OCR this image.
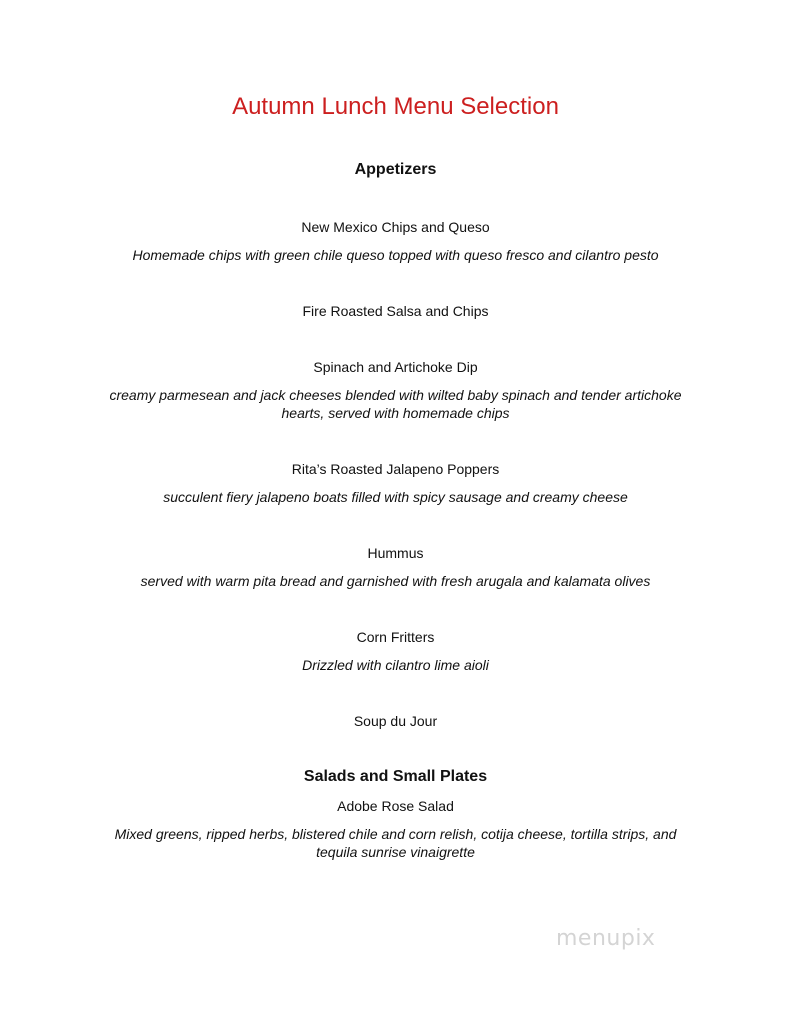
Autumn Lunch Menu Selection
Appetizers
New Mexico Chips and Queso
Homemade chips with green chile queso topped with queso fresco and cilantro pesto
Fire Roasted Salsa and Chips
Spinach and Artichoke Dip
creamy parmesean and jack cheeses blended with wilted baby spinach and tender artichoke hearts, served with homemade chips
Rita’s Roasted Jalapeno Poppers
succulent fiery jalapeno boats filled with spicy sausage and creamy cheese
Hummus
served with warm pita bread and garnished with fresh arugala and kalamata olives
Corn Fritters
Drizzled with cilantro lime aioli
Soup du Jour
Salads and Small Plates
Adobe Rose Salad
Mixed greens, ripped herbs, blistered chile and corn relish, cotija cheese, tortilla strips, and tequila sunrise vinaigrette
menupix
